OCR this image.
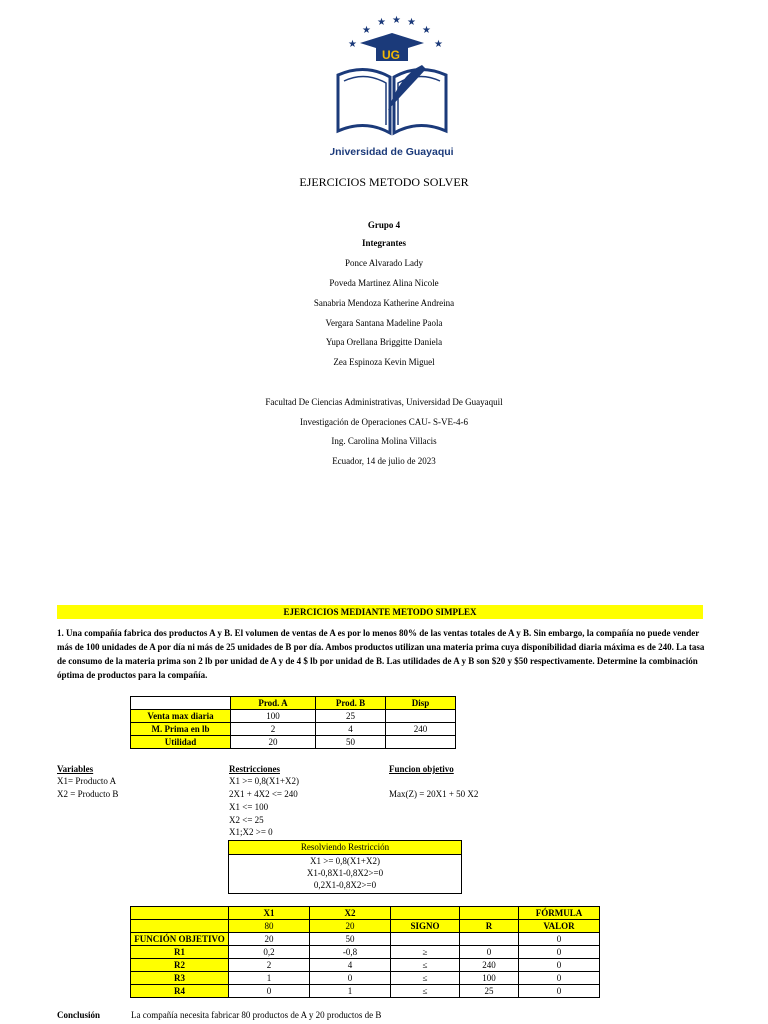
★
★
★ ★ ★
★
★
UG
Universidad de Guayaquil
EJERCICIOS METODO SOLVER
Grupo 4
Integrantes
Ponce Alvarado Lady
Poveda Martinez Alina Nicole
Sanabria Mendoza Katherine Andreina
Vergara Santana Madeline Paola
Yupa Orellana Briggitte Daniela
Zea Espinoza Kevin Miguel
Facultad De Ciencias Administrativas, Universidad De Guayaquil
Investigación de Operaciones CAU- S-VE-4-6
Ing. Carolina Molina Villacis
Ecuador, 14 de julio de 2023
EJERCICIOS MEDIANTE METODO SIMPLEX
1. Una compañía fabrica dos productos A y B. El volumen de ventas de A es por lo menos 80% de las ventas totales de A y B. Sin embargo, la compañía no puede vender más de 100 unidades de A por día ni más de 25 unidades de B por día. Ambos productos utilizan una materia prima cuya disponibilidad diaria máxima es de 240. La tasa de consumo de la materia prima son 2 lb por unidad de A y de 4 $ lb por unidad de B. Las utilidades de A y B son $20 y $50 respectivamente. Determine la combinación óptima de productos para la compañía.
	Prod. A	Prod. B	Disp
Venta max diaria	100	25	
M. Prima en lb	2	4	240
Utilidad	20	50	
Variables
X1= Producto A
X2 = Producto B
Restricciones
X1 >= 0,8(X1+X2)
2X1 + 4X2 <= 240
X1 <= 100
X2 <= 25
X1;X2 >= 0
Funcion objetivo
Max(Z) = 20X1 + 50 X2
Resolviendo Restricción
X1 >= 0,8(X1+X2)
X1-0,8X1-0,8X2>=0
0,2X1-0,8X2>=0
	X1	X2			FÓRMULA
	80	20	SIGNO	R	VALOR
FUNCIÓN OBJETIVO	20	50			0
R1	0,2	-0,8	≥	0	0
R2	2	4	≤	240	0
R3	1	0	≤	100	0
R4	0	1	≤	25	0
Conclusión	La compañía necesita fabricar 80 productos de A y 20 productos de B
